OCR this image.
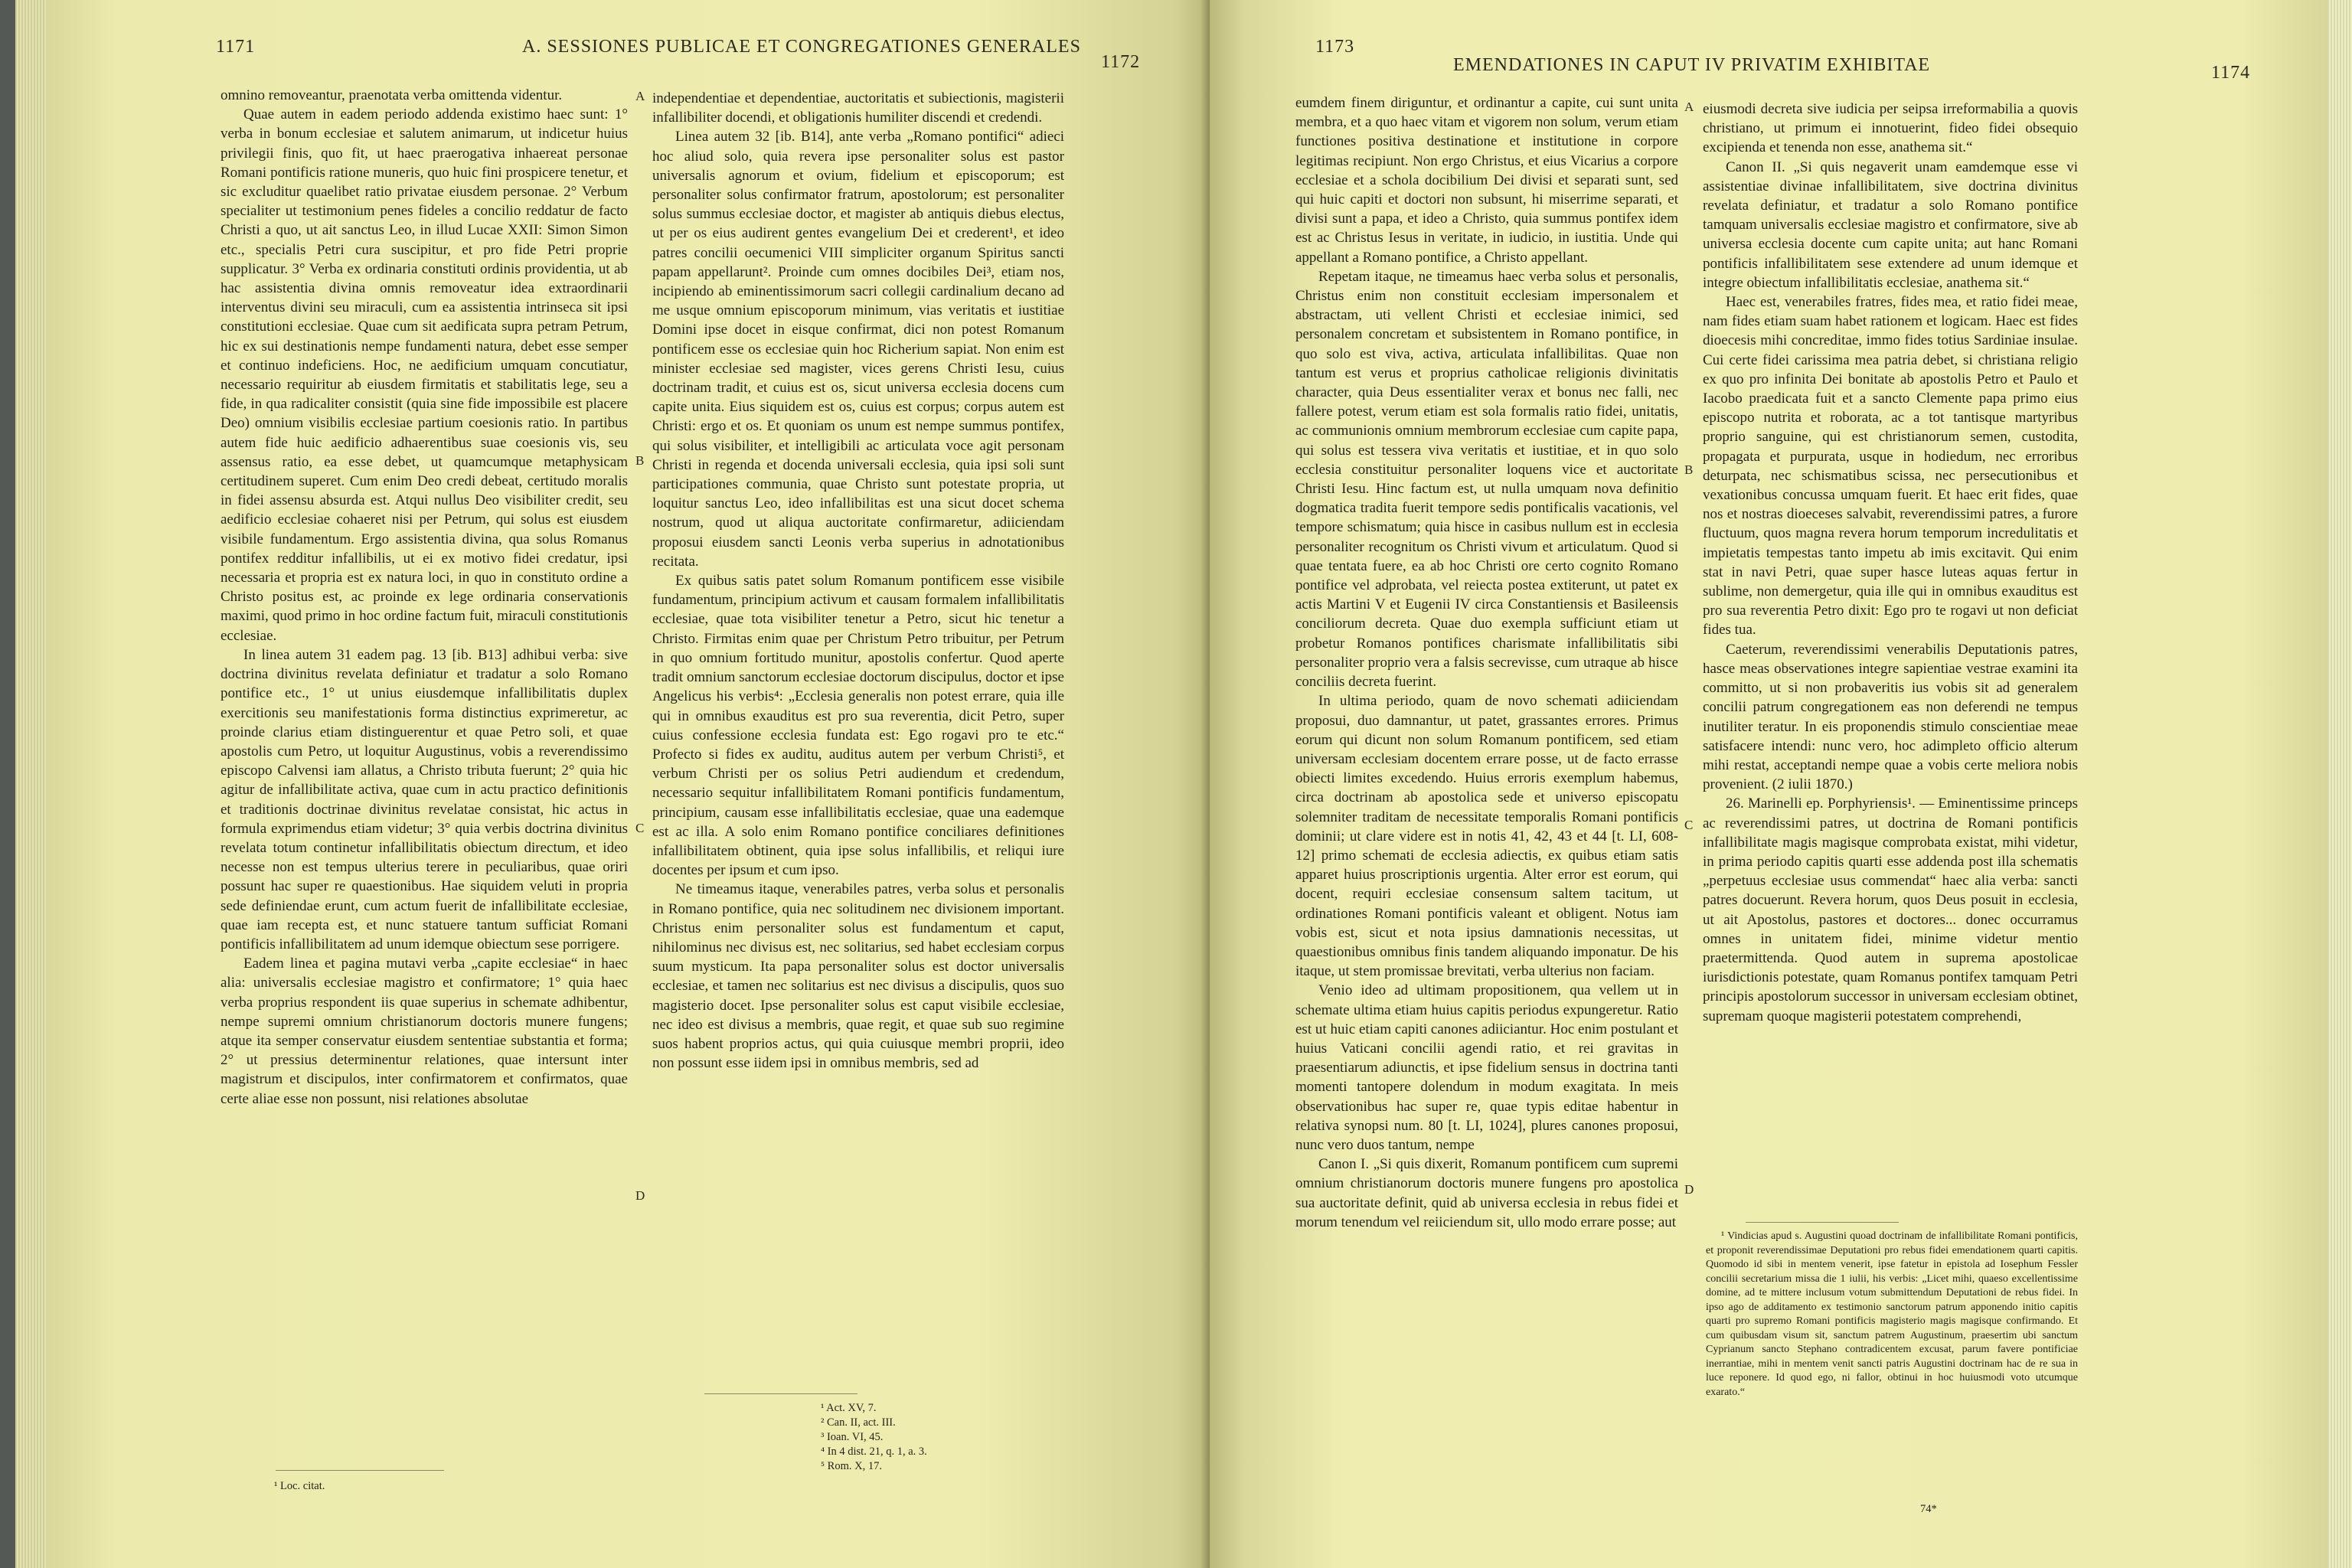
1171	A. SESSIONES PUBLICAE ET CONGREGATIONES GENERALES
1172

omnino removeantur, praenotata verba omittenda videntur.

Quae autem in eadem periodo addenda existimo haec sunt: 1° verba in bonum ecclesiae et salutem animarum, ut indicetur huius privilegii finis, quo fit, ut haec praerogativa inhaereat personae Romani pontificis ratione muneris, quo huic fini prospicere tenetur, et sic excluditur quaelibet ratio privatae eiusdem personae. 2° Verbum specialiter ut testimonium penes fideles a concilio reddatur de facto Christi a quo, ut ait sanctus Leo, in illud Lucae XXII: Simon Simon etc., specialis Petri cura suscipitur, et pro fide Petri proprie supplicatur. 3° Verba ex ordinaria constituti ordinis providentia, ut ab hac assistentia divina omnis removeatur idea extraordinarii interventus divini seu miraculi, cum ea assistentia intrinseca sit ipsi constitutioni ecclesiae. Quae cum sit aedificata supra petram Petrum, hic ex sui destinationis nempe fundamenti natura, debet esse semper et continuo indeficiens. Hoc, ne aedificium umquam concutiatur, necessario requiritur ab eiusdem firmitatis et stabilitatis lege, seu a fide, in qua radicaliter consistit (quia sine fide impossibile est placere Deo) omnium visibilis ecclesiae partium coesionis ratio. In partibus autem fide huic aedificio adhaerentibus suae coesionis vis, seu assensus ratio, ea esse debet, ut quamcumque metaphysicam certitudinem superet. Cum enim Deo credi debeat, certitudo moralis in fidei assensu absurda est. Atqui nullus Deo visibiliter credit, seu aedificio ecclesiae cohaeret nisi per Petrum, qui solus est eiusdem visibile fundamentum. Ergo assistentia divina, qua solus Romanus pontifex redditur infallibilis, ut ei ex motivo fidei credatur, ipsi necessaria et propria est ex natura loci, in quo in constituto ordine a Christo positus est, ac proinde ex lege ordinaria conservationis maximi, quod primo in hoc ordine factum fuit, miraculi constitutionis ecclesiae.

In linea autem 31 eadem pag. 13 [ib. B13] adhibui verba: sive doctrina divinitus revelata definiatur et tradatur a solo Romano pontifice etc., 1° ut unius eiusdemque infallibilitatis duplex exercitionis seu manifestationis forma distinctius exprimeretur, ac proinde clarius etiam distinguerentur et quae Petro soli, et quae apostolis cum Petro, ut loquitur Augustinus, vobis a reverendissimo episcopo Calvensi iam allatus, a Christo tributa fuerunt; 2° quia hic agitur de infallibilitate activa, quae cum in actu practico definitionis et traditionis doctrinae divinitus revelatae consistat, hic actus in formula exprimendus etiam videtur; 3° quia verbis doctrina divinitus revelata totum continetur infallibilitatis obiectum directum, et ideo necesse non est tempus ulterius terere in peculiaribus, quae oriri possunt hac super re quaestionibus. Hae siquidem veluti in propria sede definiendae erunt, cum actum fuerit de infallibilitate ecclesiae, quae iam recepta est, et nunc statuere tantum sufficiat Romani pontificis infallibilitatem ad unum idemque obiectum sese porrigere.

Eadem linea et pagina mutavi verba „capite ecclesiae“ in haec alia: universalis ecclesiae magistro et confirmatore; 1° quia haec verba proprius respondent iis quae superius in schemate adhibentur, nempe supremi omnium christianorum doctoris munere fungens; atque ita semper conservatur eiusdem sententiae substantia et forma; 2° ut pressius determinentur relationes, quae intersunt inter magistrum et discipulos, inter confirmatorem et confirmatos, quae certe aliae esse non possunt, nisi relationes absolutae

¹ Loc. citat.
A
B
C
D

independentiae et dependentiae, auctoritatis et subiectionis, magisterii infallibiliter docendi, et obligationis humiliter discendi et credendi.

Linea autem 32 [ib. B14], ante verba „Romano pontifici“ adieci hoc aliud solo, quia revera ipse personaliter solus est pastor universalis agnorum et ovium, fidelium et episcoporum; est personaliter solus confirmator fratrum, apostolorum; est personaliter solus summus ecclesiae doctor, et magister ab antiquis diebus electus, ut per os eius audirent gentes evangelium Dei et crederent¹, et ideo patres concilii oecumenici VIII simpliciter organum Spiritus sancti papam appellarunt². Proinde cum omnes docibiles Dei³, etiam nos, incipiendo ab eminentissimorum sacri collegii cardinalium decano ad me usque omnium episcoporum minimum, vias veritatis et iustitiae Domini ipse docet in eisque confirmat, dici non potest Romanum pontificem esse os ecclesiae quin hoc Richerium sapiat. Non enim est minister ecclesiae sed magister, vices gerens Christi Iesu, cuius doctrinam tradit, et cuius est os, sicut universa ecclesia docens cum capite unita. Eius siquidem est os, cuius est corpus; corpus autem est Christi: ergo et os. Et quoniam os unum est nempe summus pontifex, qui solus visibiliter, et intelligibili ac articulata voce agit personam Christi in regenda et docenda universali ecclesia, quia ipsi soli sunt participationes communia, quae Christo sunt potestate propria, ut loquitur sanctus Leo, ideo infallibilitas est una sicut docet schema nostrum, quod ut aliqua auctoritate confirmaretur, adiiciendam proposui eiusdem sancti Leonis verba superius in adnotationibus recitata.

Ex quibus satis patet solum Romanum pontificem esse visibile fundamentum, principium activum et causam formalem infallibilitatis ecclesiae, quae tota visibiliter tenetur a Petro, sicut hic tenetur a Christo. Firmitas enim quae per Christum Petro tribuitur, per Petrum in quo omnium fortitudo munitur, apostolis confertur. Quod aperte tradit omnium sanctorum ecclesiae doctorum discipulus, doctor et ipse Angelicus his verbis⁴: „Ecclesia generalis non potest errare, quia ille qui in omnibus exauditus est pro sua reverentia, dicit Petro, super cuius confessione ecclesia fundata est: Ego rogavi pro te etc.“ Profecto si fides ex auditu, auditus autem per verbum Christi⁵, et verbum Christi per os solius Petri audiendum et credendum, necessario sequitur infallibilitatem Romani pontificis fundamentum, principium, causam esse infallibilitatis ecclesiae, quae una eademque est ac illa. A solo enim Romano pontifice conciliares definitiones infallibilitatem obtinent, quia ipse solus infallibilis, et reliqui iure docentes per ipsum et cum ipso.

Ne timeamus itaque, venerabiles patres, verba solus et personalis in Romano pontifice, quia nec solitudinem nec divisionem important. Christus enim personaliter solus est fundamentum et caput, nihilominus nec divisus est, nec solitarius, sed habet ecclesiam corpus suum mysticum. Ita papa personaliter solus est doctor universalis ecclesiae, et tamen nec solitarius est nec divisus a discipulis, quos suo magisterio docet. Ipse personaliter solus est caput visibile ecclesiae, nec ideo est divisus a membris, quae regit, et quae sub suo regimine suos habent proprios actus, qui quia cuiusque membri proprii, ideo non possunt esse iidem ipsi in omnibus membris, sed ad

¹ Act. XV, 7.
² Can. II, act. III.
³ Ioan. VI, 45.
⁴ In 4 dist. 21, q. 1, a. 3.
⁵ Rom. X, 17.
1173
EMENDATIONES IN CAPUT IV PRIVATIM EXHIBITAE	1174

eumdem finem diriguntur, et ordinantur a capite, cui sunt unita membra, et a quo haec vitam et vigorem non solum, verum etiam functiones positiva destinatione et institutione in corpore legitimas recipiunt. Non ergo Christus, et eius Vicarius a corpore ecclesiae et a schola docibilium Dei divisi et separati sunt, sed qui huic capiti et doctori non subsunt, hi miserrime separati, et divisi sunt a papa, et ideo a Christo, quia summus pontifex idem est ac Christus Iesus in veritate, in iudicio, in iustitia. Unde qui appellant a Romano pontifice, a Christo appellant.

Repetam itaque, ne timeamus haec verba solus et personalis, Christus enim non constituit ecclesiam impersonalem et abstractam, uti vellent Christi et ecclesiae inimici, sed personalem concretam et subsistentem in Romano pontifice, in quo solo est viva, activa, articulata infallibilitas. Quae non tantum est verus et proprius catholicae religionis divinitatis character, quia Deus essentialiter verax et bonus nec falli, nec fallere potest, verum etiam est sola formalis ratio fidei, unitatis, ac communionis omnium membrorum ecclesiae cum capite papa, qui solus est tessera viva veritatis et iustitiae, et in quo solo ecclesia constituitur personaliter loquens vice et auctoritate Christi Iesu. Hinc factum est, ut nulla umquam nova definitio dogmatica tradita fuerit tempore sedis pontificalis vacationis, vel tempore schismatum; quia hisce in casibus nullum est in ecclesia personaliter recognitum os Christi vivum et articulatum. Quod si quae tentata fuere, ea ab hoc Christi ore certo cognito Romano pontifice vel adprobata, vel reiecta postea extiterunt, ut patet ex actis Martini V et Eugenii IV circa Constantiensis et Basileensis conciliorum decreta. Quae duo exempla sufficiunt etiam ut probetur Romanos pontifices charismate infallibilitatis sibi personaliter proprio vera a falsis secrevisse, cum utraque ab hisce conciliis decreta fuerint.

In ultima periodo, quam de novo schemati adiiciendam proposui, duo damnantur, ut patet, grassantes errores. Primus eorum qui dicunt non solum Romanum pontificem, sed etiam universam ecclesiam docentem errare posse, ut de facto errasse obiecti limites excedendo. Huius erroris exemplum habemus, circa doctrinam ab apostolica sede et universo episcopatu solemniter traditam de necessitate temporalis Romani pontificis dominii; ut clare videre est in notis 41, 42, 43 et 44 [t. LI, 608-12] primo schemati de ecclesia adiectis, ex quibus etiam satis apparet huius proscriptionis urgentia. Alter error est eorum, qui docent, requiri ecclesiae consensum saltem tacitum, ut ordinationes Romani pontificis valeant et obligent. Notus iam vobis est, sicut et nota ipsius damnationis necessitas, ut quaestionibus omnibus finis tandem aliquando imponatur. De his itaque, ut stem promissae brevitati, verba ulterius non faciam.

Venio ideo ad ultimam propositionem, qua vellem ut in schemate ultima etiam huius capitis periodus expungeretur. Ratio est ut huic etiam capiti canones adiiciantur. Hoc enim postulant et huius Vaticani concilii agendi ratio, et rei gravitas in praesentiarum adiunctis, et ipse fidelium sensus in doctrina tanti momenti tantopere dolendum in modum exagitata. In meis observationibus hac super re, quae typis editae habentur in relativa synopsi num. 80 [t. LI, 1024], plures canones proposui, nunc vero duos tantum, nempe

Canon I. „Si quis dixerit, Romanum pontificem cum supremi omnium christianorum doctoris munere fungens pro apostolica sua auctoritate definit, quid ab universa ecclesia in rebus fidei et morum tenendum vel reiiciendum sit, ullo modo errare posse; aut

A
B
C
D

eiusmodi decreta sive iudicia per seipsa irreformabilia a quovis christiano, ut primum ei innotuerint, fideo fidei obsequio excipienda et tenenda non esse, anathema sit.“

Canon II. „Si quis negaverit unam eamdemque esse vi assistentiae divinae infallibilitatem, sive doctrina divinitus revelata definiatur, et tradatur a solo Romano pontifice tamquam universalis ecclesiae magistro et confirmatore, sive ab universa ecclesia docente cum capite unita; aut hanc Romani pontificis infallibilitatem sese extendere ad unum idemque et integre obiectum infallibilitatis ecclesiae, anathema sit.“

Haec est, venerabiles fratres, fides mea, et ratio fidei meae, nam fides etiam suam habet rationem et logicam. Haec est fides dioecesis mihi concreditae, immo fides totius Sardiniae insulae. Cui certe fidei carissima mea patria debet, si christiana religio ex quo pro infinita Dei bonitate ab apostolis Petro et Paulo et Iacobo praedicata fuit et a sancto Clemente papa primo eius episcopo nutrita et roborata, ac a tot tantisque martyribus proprio sanguine, qui est christianorum semen, custodita, propagata et purpurata, usque in hodiedum, nec erroribus deturpata, nec schismatibus scissa, nec persecutionibus et vexationibus concussa umquam fuerit. Et haec erit fides, quae nos et nostras dioeceses salvabit, reverendissimi patres, a furore fluctuum, quos magna revera horum temporum incredulitatis et impietatis tempestas tanto impetu ab imis excitavit. Qui enim stat in navi Petri, quae super hasce luteas aquas fertur in sublime, non demergetur, quia ille qui in omnibus exauditus est pro sua reverentia Petro dixit: Ego pro te rogavi ut non deficiat fides tua.

Caeterum, reverendissimi venerabilis Deputationis patres, hasce meas observationes integre sapientiae vestrae examini ita committo, ut si non probaveritis ius vobis sit ad generalem concilii patrum congregationem eas non deferendi ne tempus inutiliter teratur. In eis proponendis stimulo conscientiae meae satisfacere intendi: nunc vero, hoc adimpleto officio alterum mihi restat, acceptandi nempe quae a vobis certe meliora nobis provenient. (2 iulii 1870.)

26. Marinelli ep. Porphyriensis¹. — Eminentissime princeps ac reverendissimi patres, ut doctrina de Romani pontificis infallibilitate magis magisque comprobata existat, mihi videtur, in prima periodo capitis quarti esse addenda post illa schematis „perpetuus ecclesiae usus commendat“ haec alia verba: sancti patres docuerunt. Revera horum, quos Deus posuit in ecclesia, ut ait Apostolus, pastores et doctores... donec occurramus omnes in unitatem fidei, minime videtur mentio praetermittenda. Quod autem in suprema apostolicae iurisdictionis potestate, quam Romanus pontifex tamquam Petri principis apostolorum successor in universam ecclesiam obtinet, supremam quoque magisterii potestatem comprehendi,

¹ Vindicias apud s. Augustini quoad doctrinam de infallibilitate Romani pontificis, et proponit reverendissimae Deputationi pro rebus fidei emendationem quarti capitis. Quomodo id sibi in mentem venerit, ipse fatetur in epistola ad Iosephum Fessler concilii secretarium missa die 1 iulii, his verbis: „Licet mihi, quaeso excellentissime domine, ad te mittere inclusum votum submittendum Deputationi de rebus fidei. In ipso ago de additamento ex testimonio sanctorum patrum apponendo initio capitis quarti pro supremo Romani pontificis magisterio magis magisque confirmando. Et cum quibusdam visum sit, sanctum patrem Augustinum, praesertim ubi sanctum Cyprianum sancto Stephano contradicentem excusat, parum favere pontificiae inerrantiae, mihi in mentem venit sancti patris Augustini doctrinam hac de re sua in luce reponere. Id quod ego, ni fallor, obtinui in hoc huiusmodi voto utcumque exarato.“

74*
